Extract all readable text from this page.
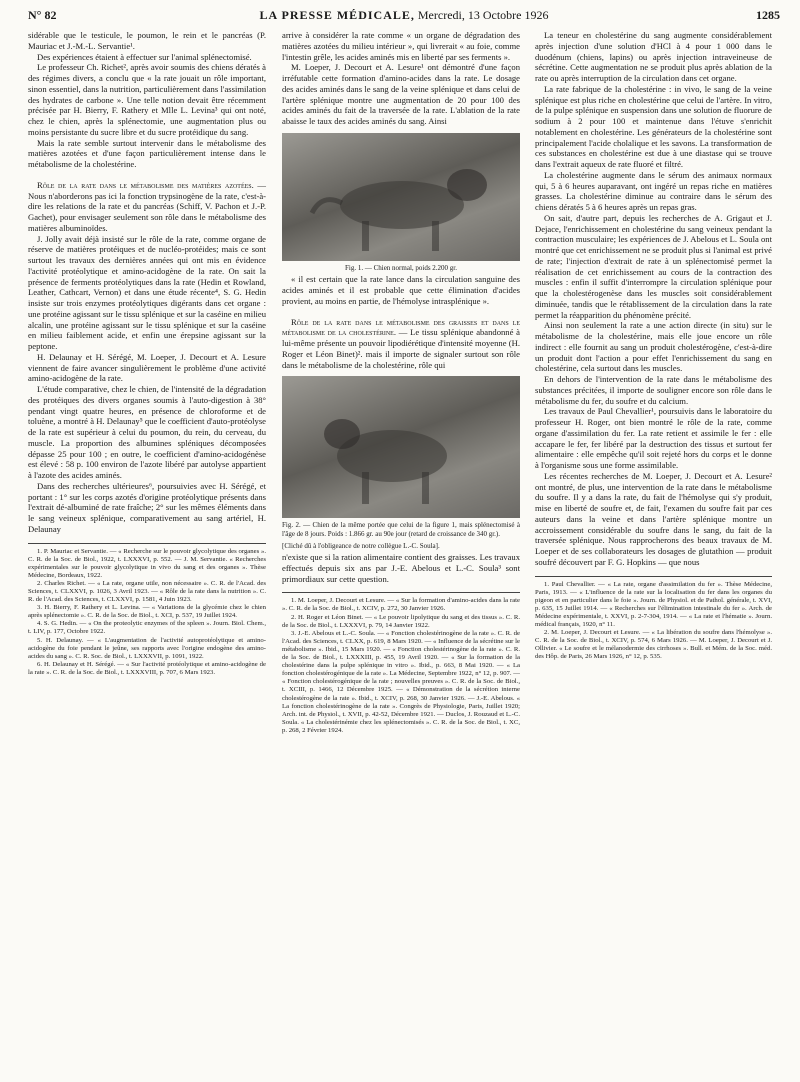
N° 82	LA PRESSE MÉDICALE, Mercredi, 13 Octobre 1926	1285

sidérable que le testicule, le poumon, le rein et le pancréas (P. Mauriac et J.-M.-L. Servantie¹.

Des expériences étaient à effectuer sur l'animal splénectomisé.

Le professeur Ch. Richet², après avoir soumis des chiens dératés à des régimes divers, a conclu que « la rate jouait un rôle important, sinon essentiel, dans la nutrition, particulièrement dans l'assimilation des hydrates de carbone ». Une telle notion devait être récemment précisée par H. Bierry, F. Rathery et Mlle L. Levina³ qui ont noté, chez le chien, après la splénectomie, une augmentation plus ou moins persistante du sucre libre et du sucre protéidique du sang.

Mais la rate semble surtout intervenir dans le métabolisme des matières azotées et d'une façon particulièrement intense dans le métabolisme de la cholestérine.

Rôle de la rate dans le métabolisme des matières azotées. — Nous n'aborderons pas ici la fonction trypsinogène de la rate, c'est-à-dire les relations de la rate et du pancréas (Schiff, V. Pachon et J.-P. Gachet), pour envisager seulement son rôle dans le métabolisme des matières albuminoïdes.

J. Jolly avait déjà insisté sur le rôle de la rate, comme organe de réserve de matières protéiques et de nucléo-protéides; mais ce sont surtout les travaux des dernières années qui ont mis en évidence l'activité protéolytique et amino-acidogène de la rate. On sait la présence de ferments protéolytiques dans la rate (Hedin et Rowland, Leather, Cathcart, Vernon) et dans une étude récente⁴, S. G. Hedin insiste sur trois enzymes protéolytiques digérants dans cet organe : une protéine agissant sur le tissu splénique et sur la caséine en milieu alcalin, une protéine agissant sur le tissu splénique et sur la caséine en milieu faiblement acide, et enfin une érepsine agissant sur la peptone.

H. Delaunay et H. Sérégé, M. Loeper, J. Decourt et A. Lesure viennent de faire avancer singulièrement le problème d'une activité amino-acidogène de la rate.

L'étude comparative, chez le chien, de l'intensité de la dégradation des protéiques des divers organes soumis à l'auto-digestion à 38° pendant vingt quatre heures, en présence de chloroforme et de toluène, a montré à H. Delaunay⁵ que le coefficient d'auto-protéolyse de la rate est supérieur à celui du poumon, du rein, du cerveau, du muscle. La proportion des albumines spléniques décomposées dépasse 25 pour 100 ; en outre, le coefficient d'amino-acidogénèse est élevé : 58 p. 100 environ de l'azote libéré par autolyse appartient à l'azote des acides aminés.

Dans des recherches ultérieures⁶, poursuivies avec H. Sérégé, et portant : 1° sur les corps azotés d'origine protéolytique présents dans l'extrait dé-albuminé de rate fraîche; 2° sur les mêmes éléments dans le sang veineux splénique, comparativement au sang artériel, H. Delaunay

1. P. Mauriac et Servantie. — « Recherche sur le pouvoir glycolytique des organes ». C. R. de la Soc. de Biol., 1922, t. LXXXVI, p. 552. — J. M. Servantie. « Recherches expérimentales sur le pouvoir glycolytique in vivo du sang et des organes ». Thèse Médecine, Bordeaux, 1922.

2. Charles Richet. — « La rate, organe utile, non nécessaire ». C. R. de l'Acad. des Sciences, t. CLXXVI, p. 1026, 3 Avril 1923. — « Rôle de la rate dans la nutrition ». C. R. de l'Acad. des Sciences, t. CLXXVI, p. 1581, 4 Juin 1923.

3. H. Bierry, F. Rathery et L. Levina. — « Variations de la glycémie chez le chien après splénectomie ». C. R. de la Soc. de Biol., t. XCI, p. 537, 19 Juillet 1924.

4. S. G. Hedin. — « On the proteolytic enzymes of the spleen ». Journ. Biol. Chem., t. LIV, p. 177, Octobre 1922.

5. H. Delaunay. — « L'augmentation de l'activité autoprotéolytique et amino-acidogène du foie pendant le jeûne, ses rapports avec l'origine endogène des amino-acides du sang ». C. R. Soc. de Biol., t. LXXXVII, p. 1091, 1922.

6. H. Delaunay et H. Sérégé. — « Sur l'activité protéolytique et amino-acidogène de la rate ». C. R. de la Soc. de Biol., t. LXXXVIII, p. 707, 6 Mars 1923.

arrive à considérer la rate comme « un organe de dégradation des matières azotées du milieu intérieur », qui livrerait « au foie, comme l'intestin grêle, les acides aminés mis en liberté par ses ferments ».

M. Loeper, J. Decourt et A. Lesure¹ ont démontré d'une façon irréfutable cette formation d'amino-acides dans la rate. Le dosage des acides aminés dans le sang de la veine splénique et dans celui de l'artère splénique montre une augmentation de 20 pour 100 des acides aminés du fait de la traversée de la rate. L'ablation de la rate abaisse le taux des acides aminés du sang. Ainsi

Fig. 1. — Chien normal, poids 2.200 gr.

« il est certain que la rate lance dans la circulation sanguine des acides aminés et il est probable que cette élimination d'acides provient, au moins en partie, de l'hémolyse intrasplénique ».

Rôle de la rate dans le métabolisme des graisses et dans le métabolisme de la cholestérine. — Le tissu splénique abandonné à lui-même présente un pouvoir lipodiérétique d'intensité moyenne (H. Roger et Léon Binet)². mais il importe de signaler surtout son rôle dans le métabolisme de la cholestérine, rôle qui

Fig. 2. — Chien de la même portée que celui de la figure 1, mais splénectomisé à l'âge de 8 jours. Poids : 1.866 gr. au 90e jour (retard de croissance de 340 gr.).
[Cliché dû à l'obligeance de notre collègue L.-C. Soula].

n'existe que si la ration alimentaire contient des graisses. Les travaux effectués depuis six ans par J.-E. Abelous et L.-C. Soula³ sont primordiaux sur cette question.

1. M. Loeper, J. Decourt et Lesure. — « Sur la formation d'amino-acides dans la rate ». C. R. de la Soc. de Biol., t. XCIV, p. 272, 30 Janvier 1926.

2. H. Roger et Léon Binet. — « Le pouvoir lipolytique du sang et des tissus ». C. R. de la Soc. de Biol., t. LXXXVI, p. 79, 14 Janvier 1922.

3. J.-E. Abelous et L.-C. Soula. — « Fonction cholestérinogène de la rate ». C. R. de l'Acad. des Sciences, t. CLXX, p. 619, 8 Mars 1920. — « Influence de la sécrétine sur le métabolisme ». Ibid., 15 Mars 1920. — « Fonction cholestérinogène de la rate ». C. R. de la Soc. de Biol., t. LXXXIII, p. 455, 19 Avril 1920. — « Sur la formation de la cholestérine dans la pulpe splénique in vitro ». Ibid., p. 663, 8 Mai 1920. — « La fonction cholestérogénique de la rate ». La Médecine, Septembre 1922, n° 12, p. 907. — « Fonction cholestérogénique de la rate ; nouvelles preuves ». C. R. de la Soc. de Biol., t. XCIII, p. 1466, 12 Décembre 1925. — « Démonstration de la sécrétion interne cholestérogène de la rate ». Ibid., t. XCIV, p. 268, 30 Janvier 1926. — J.-E. Abelous. « La fonction cholestérinogène de la rate ». Congrès de Physiologie, Paris, Juillet 1920; Arch. int. de Physiol., t. XVII, p. 42-52, Décembre 1921. — Duclos, J. Rouzaud et L.-C. Soula. « La cholestérinémie chez les splénectomisés ». C. R. de la Soc. de Biol., t. XC, p. 268, 2 Février 1924.

La teneur en cholestérine du sang augmente considérablement après injection d'une solution d'HCl à 4 pour 1 000 dans le duodénum (chiens, lapins) ou après injection intraveineuse de sécrétine. Cette augmentation ne se produit plus après ablation de la rate ou après interruption de la circulation dans cet organe.

La rate fabrique de la cholestérine : in vivo, le sang de la veine splénique est plus riche en cholestérine que celui de l'artère. In vitro, de la pulpe splénique en suspension dans une solution de fluorure de sodium à 2 pour 100 et maintenue dans l'étuve s'enrichit notablement en cholestérine. Les générateurs de la cholestérine sont principalement l'acide cholalique et les savons. La transformation de ces substances en cholestérine est due à une diastase qui se trouve dans l'extrait aqueux de rate fluoré et filtré.

La cholestérine augmente dans le sérum des animaux normaux qui, 5 à 6 heures auparavant, ont ingéré un repas riche en matières grasses. La cholestérine diminue au contraire dans le sérum des chiens dératés 5 à 6 heures après un repas gras.

On sait, d'autre part, depuis les recherches de A. Grigaut et J. Dejace, l'enrichissement en cholestérine du sang veineux pendant la contraction musculaire; les expériences de J. Abelous et L. Soula ont montré que cet enrichissement ne se produit plus si l'animal est privé de rate; l'injection d'extrait de rate à un splénectomisé permet la réalisation de cet enrichissement au cours de la contraction des muscles : enfin il suffit d'interrompre la circulation splénique pour que la cholestérogenèse dans les muscles soit considérablement diminuée, tandis que le rétablissement de la circulation dans la rate permet la réapparition du phénomène précité.

Ainsi non seulement la rate a une action directe (in situ) sur le métabolisme de la cholestérine, mais elle joue encore un rôle indirect : elle fournit au sang un produit cholestérogène, c'est-à-dire un produit dont l'action a pour effet l'enrichissement du sang en cholestérine, cela surtout dans les muscles.

En dehors de l'intervention de la rate dans le métabolisme des substances précitées, il importe de souligner encore son rôle dans le métabolisme du fer, du soufre et du calcium.

Les travaux de Paul Chevallier¹, poursuivis dans le laboratoire du professeur H. Roger, ont bien montré le rôle de la rate, comme organe d'assimilation du fer. La rate retient et assimile le fer : elle accapare le fer, fer libéré par la destruction des tissus et surtout fer alimentaire : elle empêche qu'il soit rejeté hors du corps et le donne à l'organisme sous une forme assimilable.

Les récentes recherches de M. Loeper, J. Decourt et A. Lesure² ont montré, de plus, une intervention de la rate dans le métabolisme du soufre. Il y a dans la rate, du fait de l'hémolyse qui s'y produit, mise en liberté de soufre et, de fait, l'examen du soufre fait par ces auteurs dans la veine et dans l'artère splénique montre un accroissement considérable du soufre dans le sang, du fait de la traversée splénique. Nous rapprocherons des beaux travaux de M. Loeper et de ses collaborateurs les dosages de glutathion — produit soufré découvert par F. G. Hopkins — que nous

1. Paul Chevallier. — « La rate, organe d'assimilation du fer ». Thèse Médecine, Paris, 1913. — « L'influence de la rate sur la localisation du fer dans les organes du pigeon et en particulier dans le foie ». Journ. de Physiol. et de Pathol. générale, t. XVI, p. 635, 15 Juillet 1914. — « Recherches sur l'élimination intestinale du fer ». Arch. de Médecine expérimentale, t. XXVI, p. 2-7-304, 1914. — « La rate et l'hématie ». Journ. médical français, 1920, n° 11.

2. M. Loeper, J. Decourt et Lesure. — « La libération du soufre dans l'hémolyse ». C. R. de la Soc. de Biol., t. XCIV, p. 574, 6 Mars 1926. — M. Loeper, J. Decourt et J. Ollivier. « Le soufre et le mélanodermie des cirrhoses ». Bull. et Mém. de la Soc. méd. des Hôp. de Paris, 26 Mars 1926, n° 12, p. 535.
